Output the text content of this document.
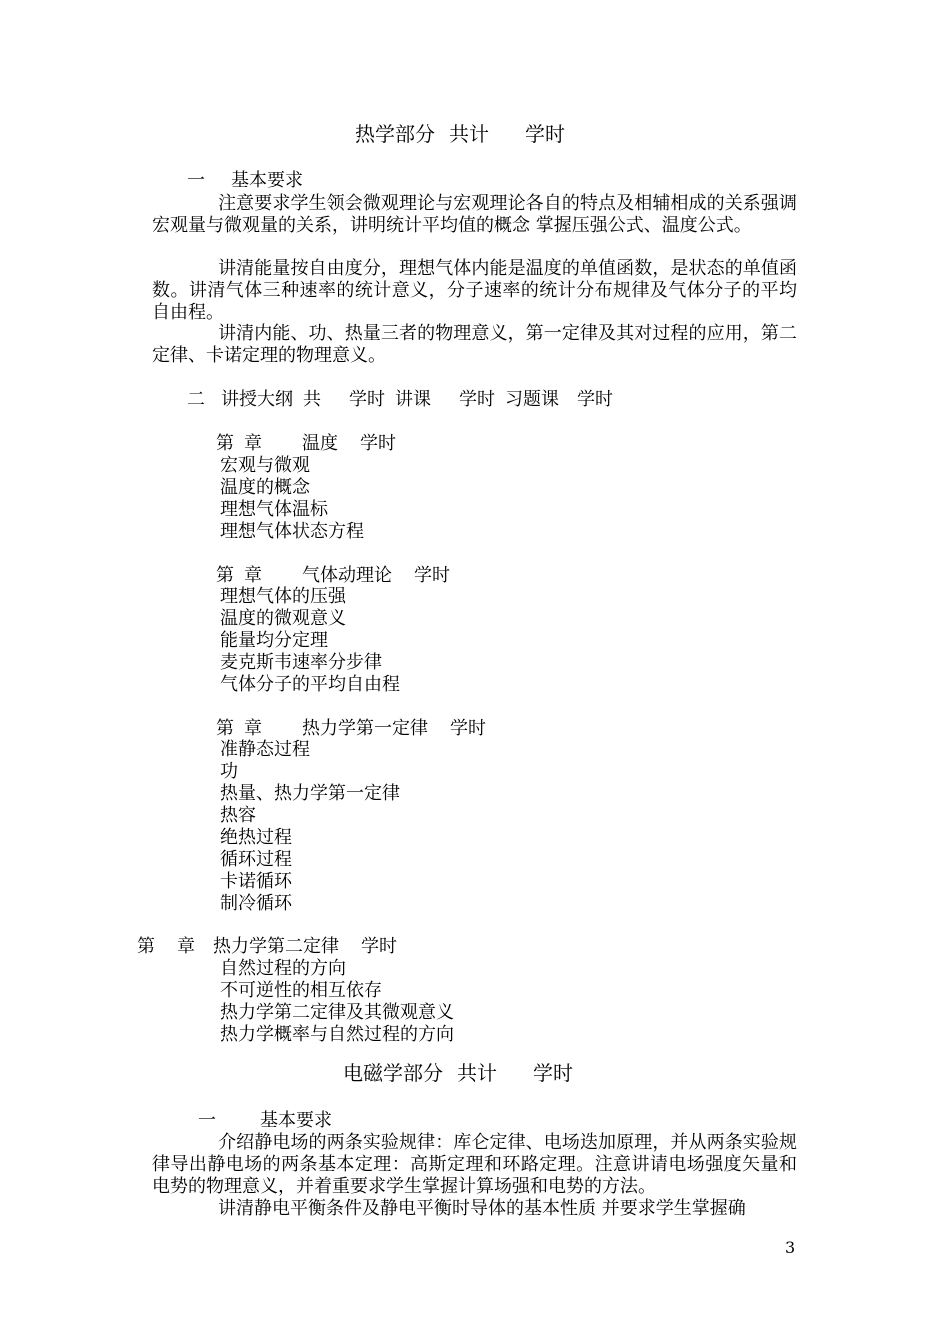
热学部分 共计 学时
一 基本要求
注意要求学生领会微观理论与宏观理论各自的特点及相辅相成的关系强调宏观量与微观量的关系，讲明统计平均值的概念 掌握压强公式、温度公式。
讲清能量按自由度分，理想气体内能是温度的单值函数，是状态的单值函数。讲清气体三种速率的统计意义，分子速率的统计分布规律及气体分子的平均自由程。
讲清内能、功、热量三者的物理意义，第一定律及其对过程的应用，第二定律、卡诺定理的物理意义。
二 讲授大纲 共 学时 讲课 学时 习题课 学时
第 章 温度 学时
宏观与微观
温度的概念
理想气体温标
理想气体状态方程
第 章 气体动理论 学时
理想气体的压强
温度的微观意义
能量均分定理
麦克斯韦速率分步律
气体分子的平均自由程
第 章 热力学第一定律 学时
准静态过程
功
热量、热力学第一定律
热容
绝热过程
循环过程
卡诺循环
制冷循环
第 章 热力学第二定律 学时
自然过程的方向
不可逆性的相互依存
热力学第二定律及其微观意义
热力学概率与自然过程的方向
电磁学部分 共计 学时
一 基本要求
介绍静电场的两条实验规律：库仑定律、电场迭加原理，并从两条实验规律导出静电场的两条基本定理：高斯定理和环路定理。注意讲请电场强度矢量和电势的物理意义，并着重要求学生掌握计算场强和电势的方法。
讲清静电平衡条件及静电平衡时导体的基本性质 并要求学生掌握确
3
